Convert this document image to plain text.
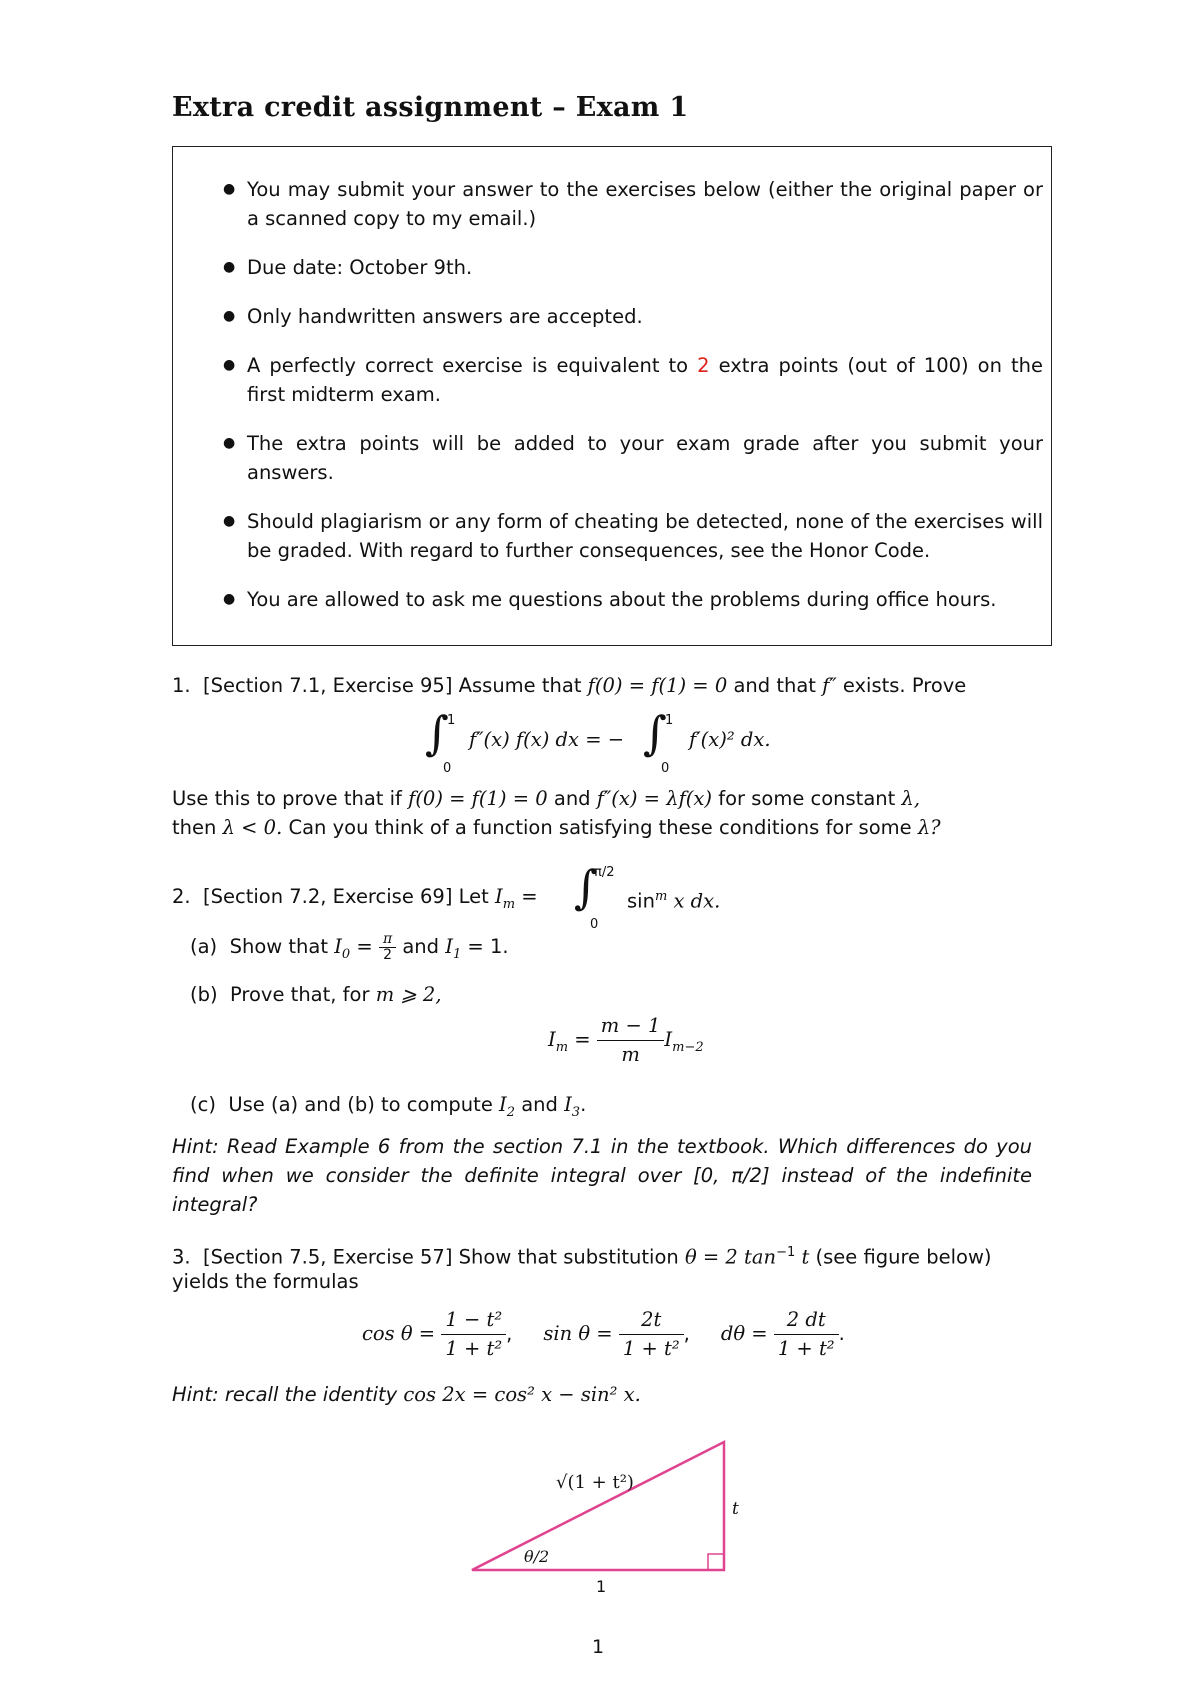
Extra credit assignment – Exam 1
● You may submit your answer to the exercises below (either the original paper or a scanned copy to my email.)
● Due date: October 9th.
● Only handwritten answers are accepted.
● A perfectly correct exercise is equivalent to 2 extra points (out of 100) on the first midterm exam.
● The extra points will be added to your exam grade after you submit your answers.
● Should plagiarism or any form of cheating be detected, none of the exercises will be graded. With regard to further consequences, see the Honor Code.
● You are allowed to ask me questions about the problems during office hours.
1. [Section 7.1, Exercise 95] Assume that f(0) = f(1) = 0 and that f″ exists. Prove
∫
1
0
f″(x) f(x) dx = − ∫
1
0
f′(x)² dx.
Use this to prove that if f(0) = f(1) = 0 and f″(x) = λf(x) for some constant λ,
then λ < 0. Can you think of a function satisfying these conditions for some λ?
2. [Section 7.2, Exercise 69] Let $I_m$ = ∫
π/2
0
$\sin^m x$ dx.
(a) Show that $I_0 = \frac{\pi}{2}$ and $I_1 = 1$.
(b) Prove that, for m ⩾ 2,
$I_m = \frac{m - 1}{m} I_{m-2}$
(c) Use (a) and (b) to compute $I_2$ and $I_3$.
Hint: Read Example 6 from the section 7.1 in the textbook. Which differences do you find when we consider the definite integral over [0, π/2] instead of the indefinite integral?
3. [Section 7.5, Exercise 57] Show that substitution θ = 2 $\tan^{-1} t$ (see figure below)
yields the formulas
$\cos \theta = \frac{\text{1 − t²}}{\text{1 + t²}}$ ,     $\sin \theta = \frac{2t}{\text{1 + t²}}$ ,     $d\theta = \frac{2 dt}{\text{1 + t²}}$ .
Hint: recall the identity cos 2x = cos² x − sin² x.
√(1 + t²)
t
1
θ/2
1
